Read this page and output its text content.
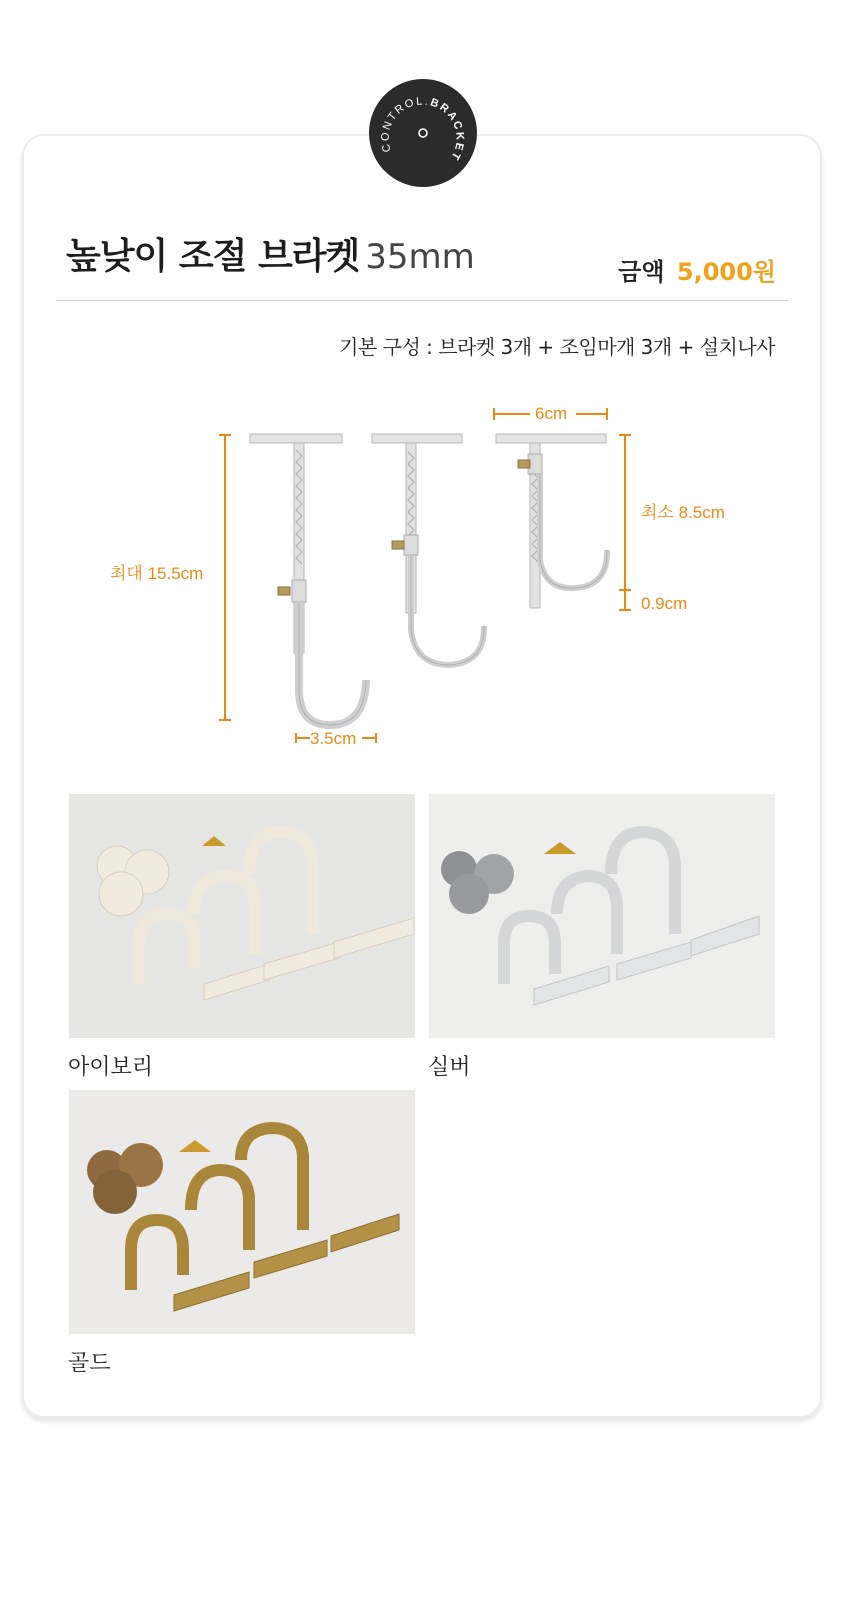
CONTROL.BRACKET
높낮이 조절 브라켓 35mm	금액 5,000원
기본 구성 : 브라켓 3개 + 조임마개 3개 + 설치나사
최대 15.5cm
6cm
최소 8.5cm
0.9cm
3.5cm
아이보리	실버
골드
